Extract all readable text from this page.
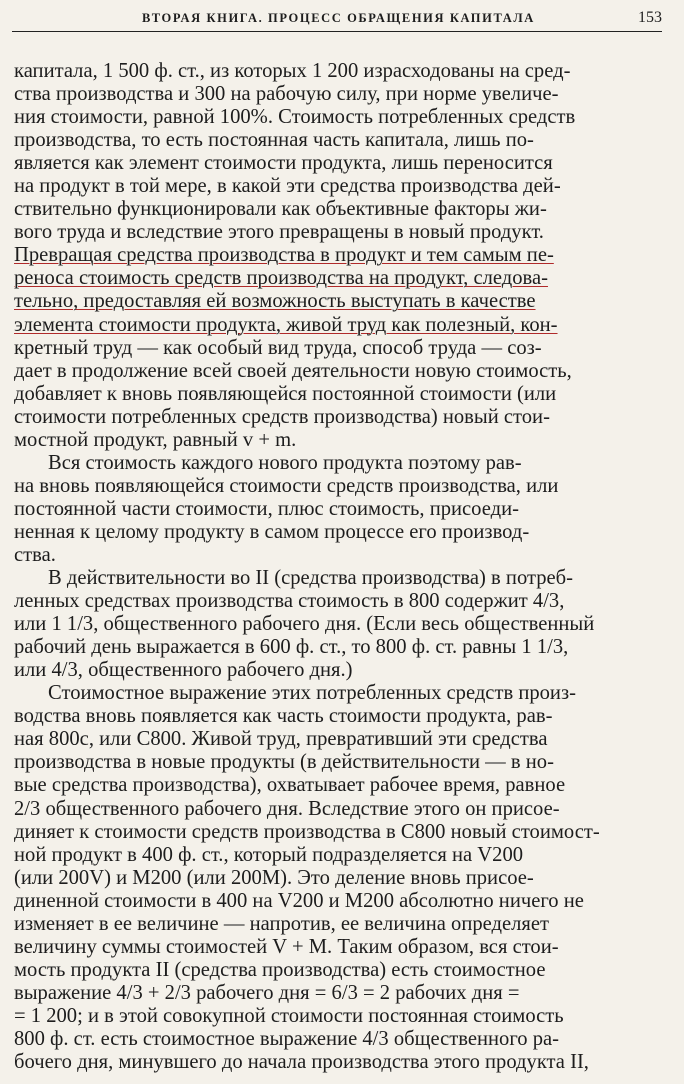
ВТОРАЯ КНИГА. ПРОЦЕСС ОБРАЩЕНИЯ КАПИТАЛА	153

капитала, 1 500 ф. ст., из которых 1 200 израсходованы на сред-
ства производства и 300 на рабочую силу, при норме увеличе-
ния стоимости, равной 100%. Стоимость потребленных средств
производства, то есть постоянная часть капитала, лишь по-
является как элемент стоимости продукта, лишь переносится
на продукт в той мере, в какой эти средства производства дей-
ствительно функционировали как объективные факторы жи-
вого труда и вследствие этого превращены в новый продукт.
Превращая средства производства в продукт и тем самым пе-
реноса стоимость средств производства на продукт, следова-
тельно, предоставляя ей возможность выступать в качестве
элемента стоимости продукта, живой труд как полезный, кон-
кретный труд — как особый вид труда, способ труда — соз-
дает в продолжение всей своей деятельности новую стоимость,
добавляет к вновь появляющейся постоянной стоимости (или
стоимости потребленных средств производства) новый стои-
мостной продукт, равный v + m.

Вся стоимость каждого нового продукта поэтому рав-
на вновь появляющейся стоимости средств производства, или
постоянной части стоимости, плюс стоимость, присоеди-
ненная к целому продукту в самом процессе его производ-
ства.

В действительности во II (средства производства) в потреб-
ленных средствах производства стоимость в 800 содержит 4/3,
или 1 1/3, общественного рабочего дня. (Если весь общественный
рабочий день выражается в 600 ф. ст., то 800 ф. ст. равны 1 1/3,
или 4/3, общественного рабочего дня.)

Стоимостное выражение этих потребленных средств произ-
водства вновь появляется как часть стоимости продукта, рав-
ная 800c, или C800. Живой труд, превративший эти средства
производства в новые продукты (в действительности — в но-
вые средства производства), охватывает рабочее время, равное
2/3 общественного рабочего дня. Вследствие этого он присое-
диняет к стоимости средств производства в C800 новый стоимост-
ной продукт в 400 ф. ст., который подразделяется на V200
(или 200V) и M200 (или 200M). Это деление вновь присое-
диненной стоимости в 400 на V200 и M200 абсолютно ничего не
изменяет в ее величине — напротив, ее величина определяет
величину суммы стоимостей V + M. Таким образом, вся стои-
мость продукта II (средства производства) есть стоимостное
выражение 4/3 + 2/3 рабочего дня = 6/3 = 2 рабочих дня =
= 1 200; и в этой совокупной стоимости постоянная стоимость
800 ф. ст. есть стоимостное выражение 4/3 общественного ра-
бочего дня, минувшего до начала производства этого продукта II,
